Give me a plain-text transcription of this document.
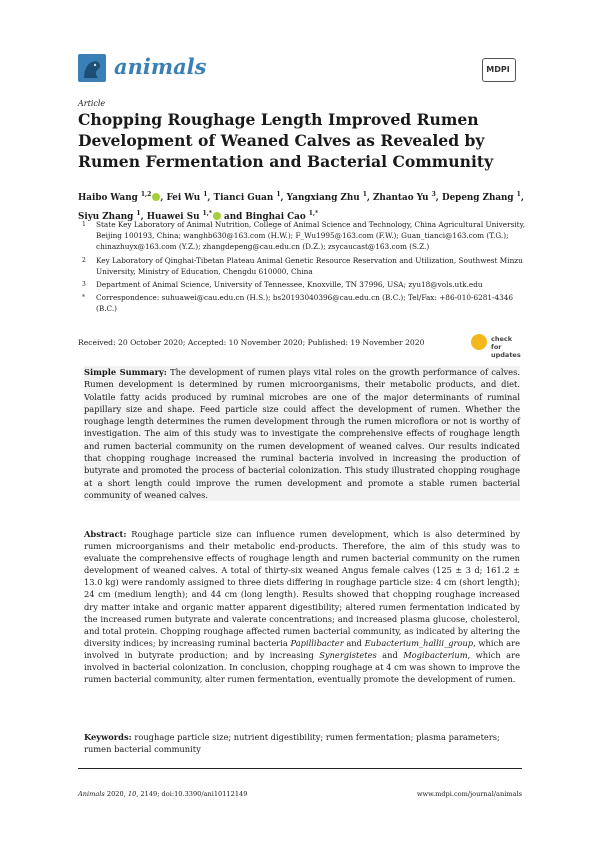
animals	MDPI
Article
Chopping Roughage Length Improved Rumen Development of Weaned Calves as Revealed by Rumen Fermentation and Bacterial Community
Haibo Wang $^{1,2}$ , Fei Wu $^1$, Tianci Guan $^1$, Yangxiang Zhu $^1$, Zhantao Yu $^3$, Depeng Zhang $^1$, Siyu Zhang $^1$, Huawei Su $^{1,*}$ and Binghai Cao $^{1,*}$
1 State Key Laboratory of Animal Nutrition, College of Animal Science and Technology, China Agricultural University, Beijing 100193, China; wanghb630@163.com (H.W.); F_Wu1995@163.com (F.W.); Guan_tianci@163.com (T.G.); chinazhuyx@163.com (Y.Z.); zhangdepeng@cau.edu.cn (D.Z.); zsycaucast@163.com (S.Z.)
2 Key Laboratory of Qinghai-Tibetan Plateau Animal Genetic Resource Reservation and Utilization, Southwest Minzu University, Ministry of Education, Chengdu 610000, China
3 Department of Animal Science, University of Tennessee, Knoxville, TN 37996, USA; zyu18@vols.utk.edu
* Correspondence: suhuawei@cau.edu.cn (H.S.); bs20193040396@cau.edu.cn (B.C.); Tel/Fax: +86-010-6281-4346 (B.C.)
Received: 20 October 2020; Accepted: 10 November 2020; Published: 19 November 2020	check for
updates
Simple Summary: The development of rumen plays vital roles on the growth performance of calves. Rumen development is determined by rumen microorganisms, their metabolic products, and diet. Volatile fatty acids produced by ruminal microbes are one of the major determinants of ruminal papillary size and shape. Feed particle size could affect the development of rumen. Whether the roughage length determines the rumen development through the rumen microflora or not is worthy of investigation. The aim of this study was to investigate the comprehensive effects of roughage length and rumen bacterial community on the rumen development of weaned calves. Our results indicated that chopping roughage increased the ruminal bacteria involved in increasing the production of butyrate and promoted the process of bacterial colonization. This study illustrated chopping roughage at a short length could improve the rumen development and promote a stable rumen bacterial community of weaned calves.
Abstract: Roughage particle size can influence rumen development, which is also determined by rumen microorganisms and their metabolic end-products. Therefore, the aim of this study was to evaluate the comprehensive effects of roughage length and rumen bacterial community on the rumen development of weaned calves. A total of thirty-six weaned Angus female calves (125 ± 3 d; 161.2 ± 13.0 kg) were randomly assigned to three diets differing in roughage particle size: 4 cm (short length); 24 cm (medium length); and 44 cm (long length). Results showed that chopping roughage increased dry matter intake and organic matter apparent digestibility; altered rumen fermentation indicated by the increased rumen butyrate and valerate concentrations; and increased plasma glucose, cholesterol, and total protein. Chopping roughage affected rumen bacterial community, as indicated by altering the diversity indices; by increasing ruminal bacteria Papillibacter and Eubacterium_hallii_group, which are involved in butyrate production; and by increasing Synergistetes and Mogibacterium, which are involved in bacterial colonization. In conclusion, chopping roughage at 4 cm was shown to improve the rumen bacterial community, alter rumen fermentation, eventually promote the development of rumen.
Keywords: roughage particle size; nutrient digestibility; rumen fermentation; plasma parameters; rumen bacterial community
Animals 2020, 10, 2149; doi:10.3390/ani10112149	www.mdpi.com/journal/animals
